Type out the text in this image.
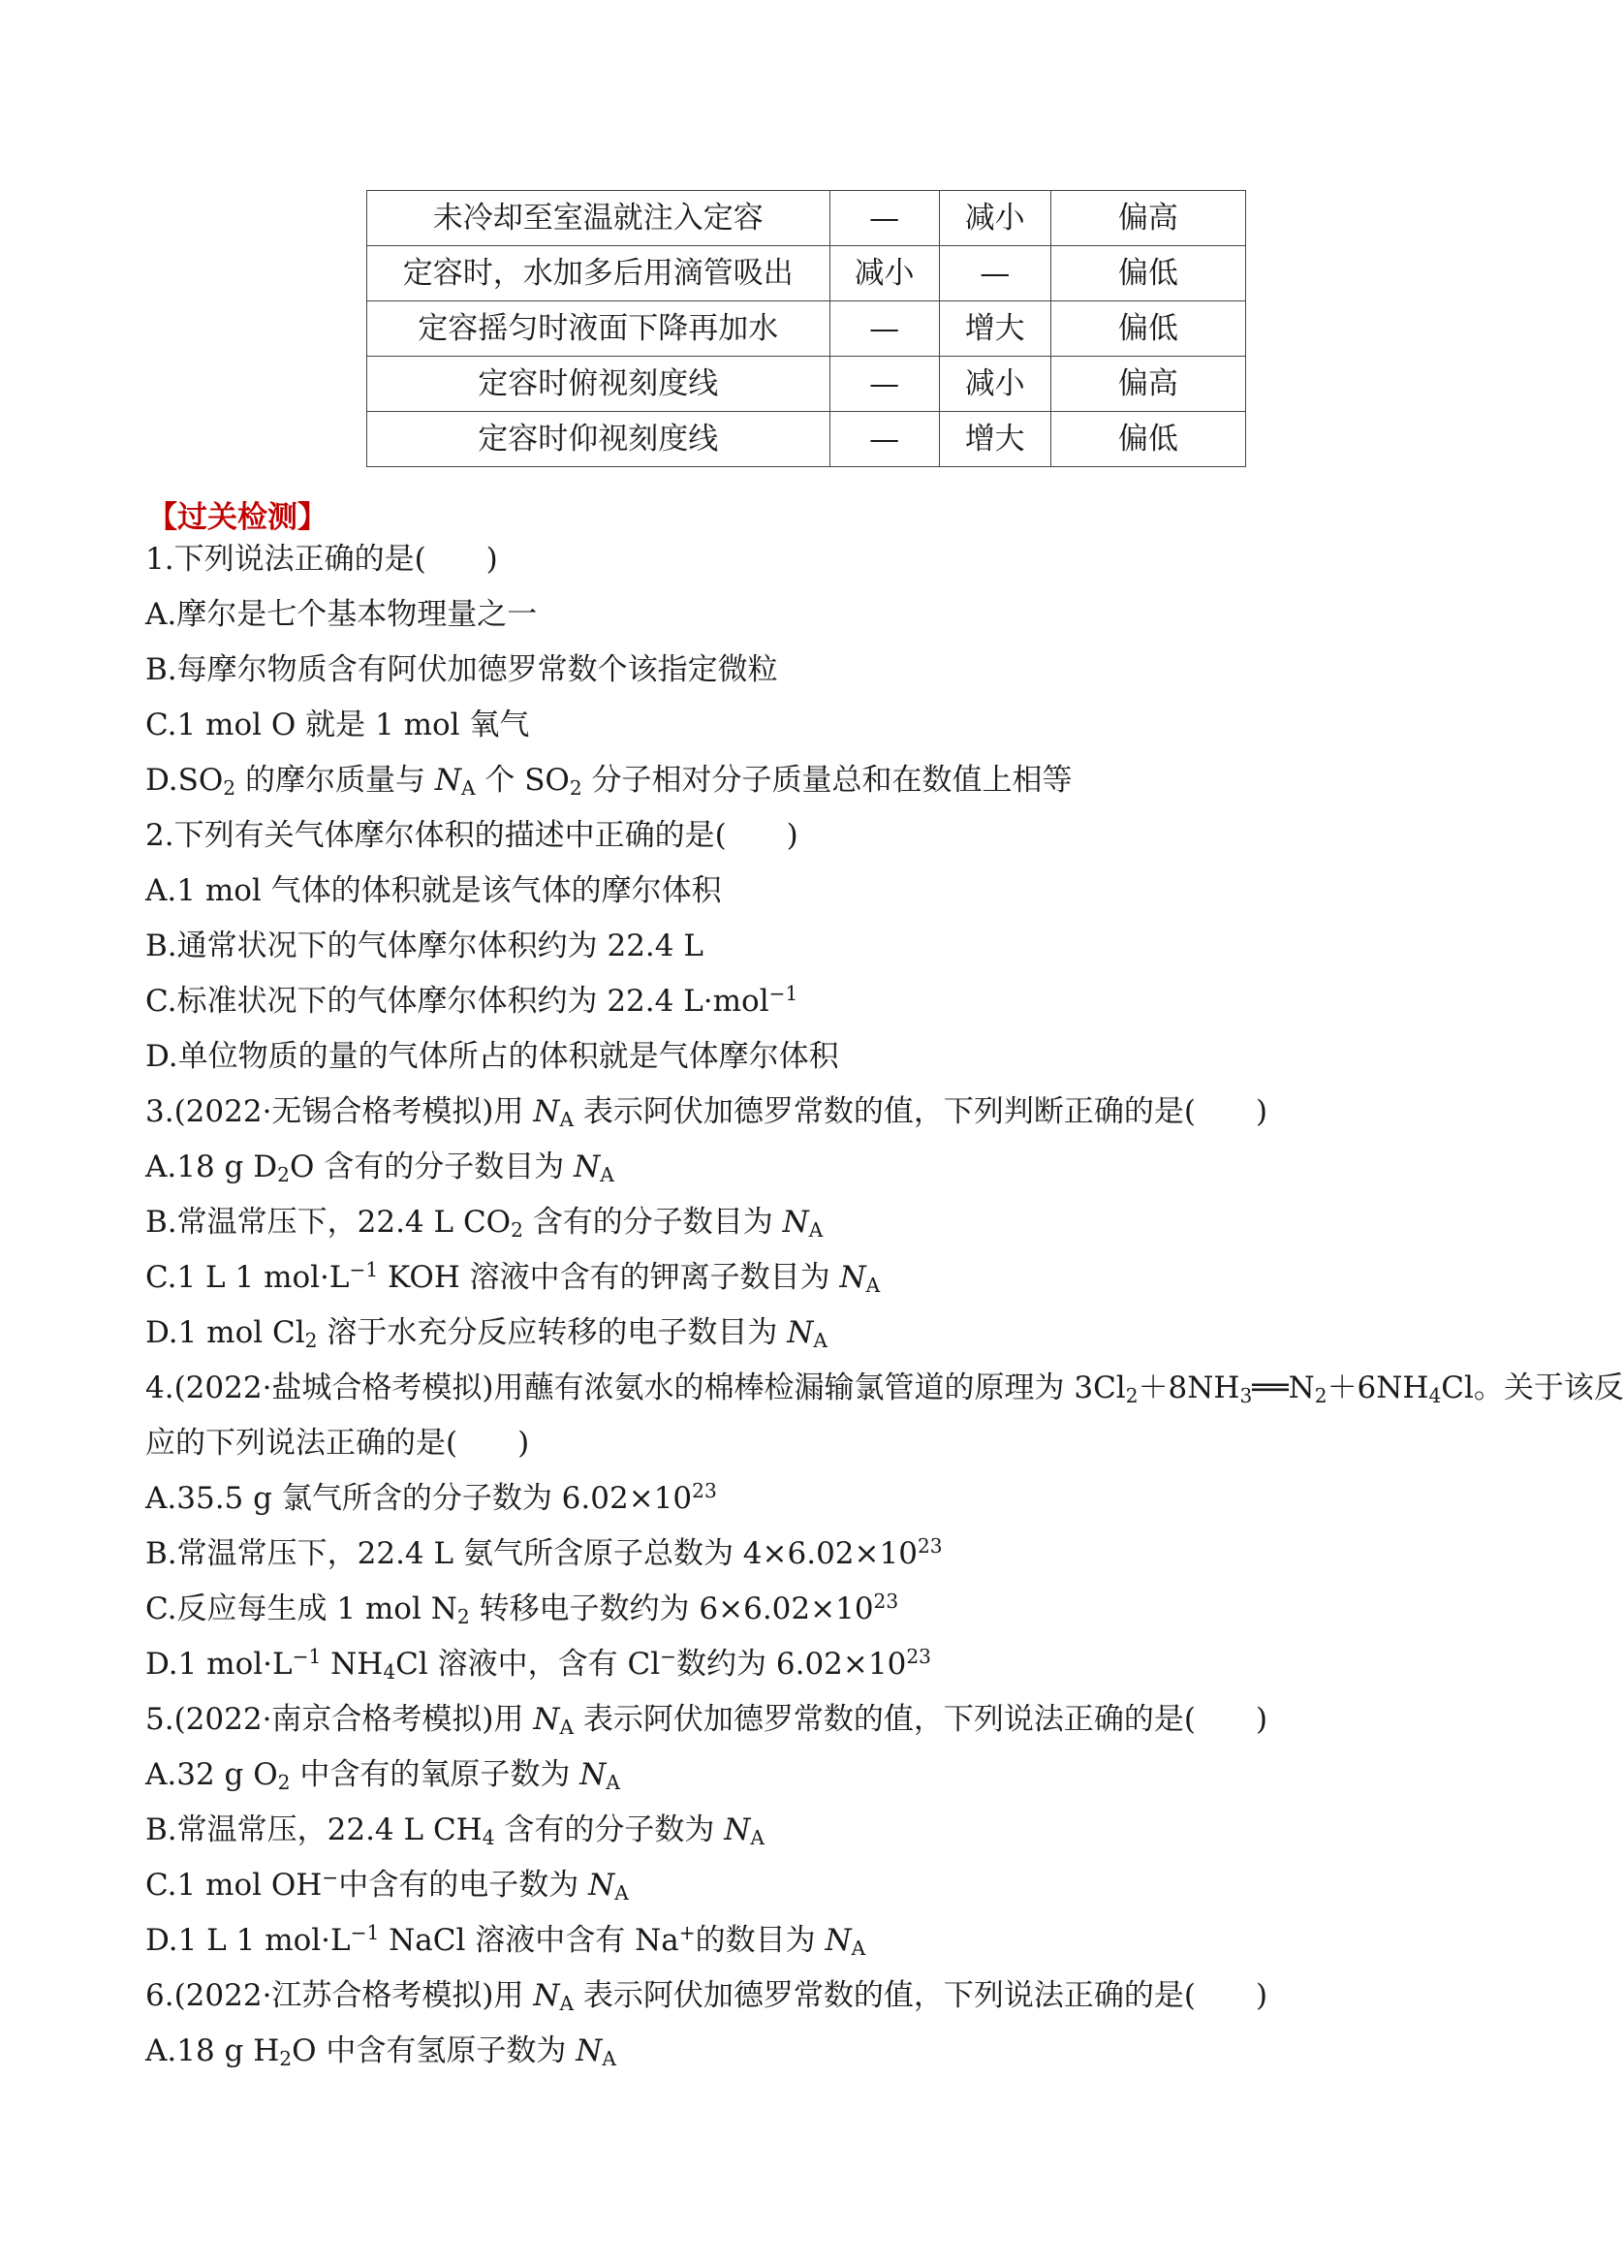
未冷却至室温就注入定容	—	减小	偏高
定容时，水加多后用滴管吸出	减小	—	偏低
定容摇匀时液面下降再加水	—	增大	偏低
定容时俯视刻度线	—	减小	偏高
定容时仰视刻度线	—	增大	偏低
【过关检测】
1.下列说法正确的是(　　)
A.摩尔是七个基本物理量之一
B.每摩尔物质含有阿伏加德罗常数个该指定微粒
C.1 mol O 就是 1 mol 氧气
$D.SO_2$ 的摩尔质量与 $N_A$ 个 $SO_2$ 分子相对分子质量总和在数值上相等
2.下列有关气体摩尔体积的描述中正确的是(　　)
A.1 mol 气体的体积就是该气体的摩尔体积
B.通常状况下的气体摩尔体积约为 22.4 L
C.标准状况下的气体摩尔体积约为 22.4 L·mol$^{-1}$
D.单位物质的量的气体所占的体积就是气体摩尔体积
3.(2022·无锡合格考模拟)用 $N_A$ 表示阿伏加德罗常数的值，下列判断正确的是(　　)
A.18 g $D_2O$ 含有的分子数目为 $N_A$
B.常温常压下，22.4 L $CO_2$ 含有的分子数目为 $N_A$
C.1 L 1 $mol\cdot L^{-1}$ KOH 溶液中含有的钾离子数目为 $N_A$
D.1 mol $Cl_2$ 溶于水充分反应转移的电子数目为 $N_A$
4.(2022·盐城合格考模拟)用蘸有浓氨水的棉棒检漏输氯管道的原理为 $3Cl_2+8NH_3══N_2+6NH_4Cl$。关于该反
应的下列说法正确的是(　　)
A.35.5 g 氯气所含的分子数为 $6.02\times 10^{23}$
B.常温常压下，22.4 L 氨气所含原子总数为 $4\times 6.02\times 10^{23}$
C.反应每生成 1 mol $N_2$ 转移电子数约为 $6\times 6.02\times 10^{23}$
D.1 $mol\cdot L^{-1}$ $NH_4Cl$ 溶液中，含有 Cl−数约为 $6.02\times 10^{23}$
5.(2022·南京合格考模拟)用 $N_A$ 表示阿伏加德罗常数的值，下列说法正确的是(　　)
A.32 g $O_2$ 中含有的氧原子数为 $N_A$
B.常温常压，22.4 L $CH_4$ 含有的分子数为 $N_A$
C.1 mol OH−中含有的电子数为 $N_A$
D.1 L 1 $mol\cdot L^{-1}$ NaCl 溶液中含有 Na+的数目为 $N_A$
6.(2022·江苏合格考模拟)用 $N_A$ 表示阿伏加德罗常数的值，下列说法正确的是(　　)
A.18 g $H_2O$ 中含有氢原子数为 $N_A$
